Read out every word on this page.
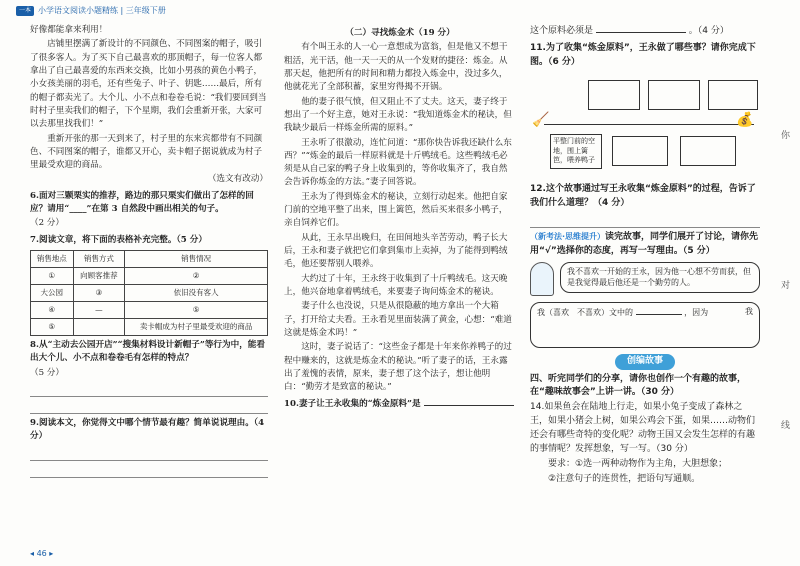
一本 小学语文阅读小题精练 | 三年级下册

好像都能拿来利用！

店铺里摆满了新设计的不同颜色、不同图案的帽子，吸引了很多客人。为了买下自己最喜欢的那顶帽子，每一位客人都拿出了自己最喜爱的东西来交换，比如小男孩的黄色小鸭子，小女孩美丽的羽毛，还有些兔子、叶子、钥匙……最后，所有的帽子都卖光了。大个儿、小不点和卷卷毛说：“我们要回到当时村子里卖我们的帽子，下个星期，我们会重新开张，大家可以去那里找我们！”

重新开张的那一天到来了，村子里的东来宾都带有不同颜色、不同图案的帽子，谁都又开心，卖卡帽子据说就成为村子里最受欢迎的商品。

（选文有改动）

6.面对三颗栗实的推荐，路边的那只栗实们做出了怎样的回应？请用“____”在第 3 自然段中画出相关的句子。

（2 分）

7.阅读文章，将下面的表格补充完整。（5 分）

销售地点	销售方式	销售情况
①	向顾客推荐	②
大公园	③	依旧没有客人
④	—	⑤
⑤		卖卡帽成为村子里最受欢迎的商品

8.从“主动去公园开店”“搜集材料设计新帽子”等行为中，能看出大个儿、小不点和卷卷毛有怎样的特点？

（5 分）

9.阅读本文，你觉得文中哪个情节最有趣？简单说说理由。（4 分）

（二）寻找炼金术（19 分）

有个叫王永的人一心一意想成为富翁，但是他又不想干粗活，光干活，他一天一天的从一个发财的捷径：炼金。从那天起，他把所有的时间和精力都投入炼金中，没过多久，他就花光了全部积蓄，家里穷得揭不开锅。

他的妻子很气愤，但又阻止不了丈夫。这天，妻子终于想出了一个好主意，她对王永说：“我知道炼金术的秘诀，但我缺少最后一样炼金所需的原料。”

王永听了很激动，连忙问道：“那你快告诉我还缺什么东西？”“炼金的最后一样原料就是十斤鸭绒毛。这些鸭绒毛必须是从自己家的鸭子身上收集到的，等你收集齐了，我自然会告诉你炼金的方法。”妻子回答说。

王永为了得到炼金术的秘诀，立刻行动起来。他把自家门前的空地平整了出来，围上篱笆，然后买来很多小鸭子，亲自饲养它们。

从此，王永早出晚归，在田间地头辛苦劳动，鸭子长大后，王永和妻子就把它们拿到集市上卖掉，为了能得到鸭绒毛，他还要帮别人喂养。

大约过了十年，王永终于收集到了十斤鸭绒毛。这天晚上，他兴奋地拿着鸭绒毛，来要妻子询问炼金术的秘诀。

妻子什么也没说，只是从很隐蔽的地方拿出一个大箱子，打开给丈夫看。王永看见里面装满了黄金，心想：“难道这就是炼金术吗！”

这时，妻子说话了：“这些金子都是十年来你养鸭子的过程中赚来的，这就是炼金术的秘诀。”听了妻子的话，王永露出了羞愧的表情，原来，妻子想了这个法子，想让他明白：“勤劳才是致富的秘诀。”

10.妻子让王永收集的“炼金原料”是

这个原料必须是	。（4 分）

11.为了收集“炼金原料”，王永做了哪些事？请你完成下图。（6 分）

平整门前的空地，围上篱笆，喂养鸭子
🧹	💰

12.这个故事通过写王永收集“炼金原料”的过程，告诉了我们什么道理？（4 分）

（新考法·思维提升）读完故事，同学们展开了讨论，请你先用“√”选择你的态度，再写一写理由。（5 分）

我不喜欢一开始的王永，因为他一心想不劳而获，但是我觉得最后他还是一个勤劳的人。
我（喜欢　不喜欢）文中的	，因为	我
创编故事

四、听完同学们的分享，请你也创作一个有趣的故事，在“趣味故事会”上讲一讲。（30 分）

14.如果鱼会在陆地上行走，如果小兔子变成了森林之王，如果小猪会上树，如果公鸡会下蛋，如果……动物们还会有哪些奇特的变化呢？动物王国又会发生怎样的有趣的事情呢？发挥想象，写一写。（30 分）

要求：①选一两种动物作为主角，大胆想象；

②注意句子的连贯性，把语句写通顺。

你
对
线
◂ 46 ▸
